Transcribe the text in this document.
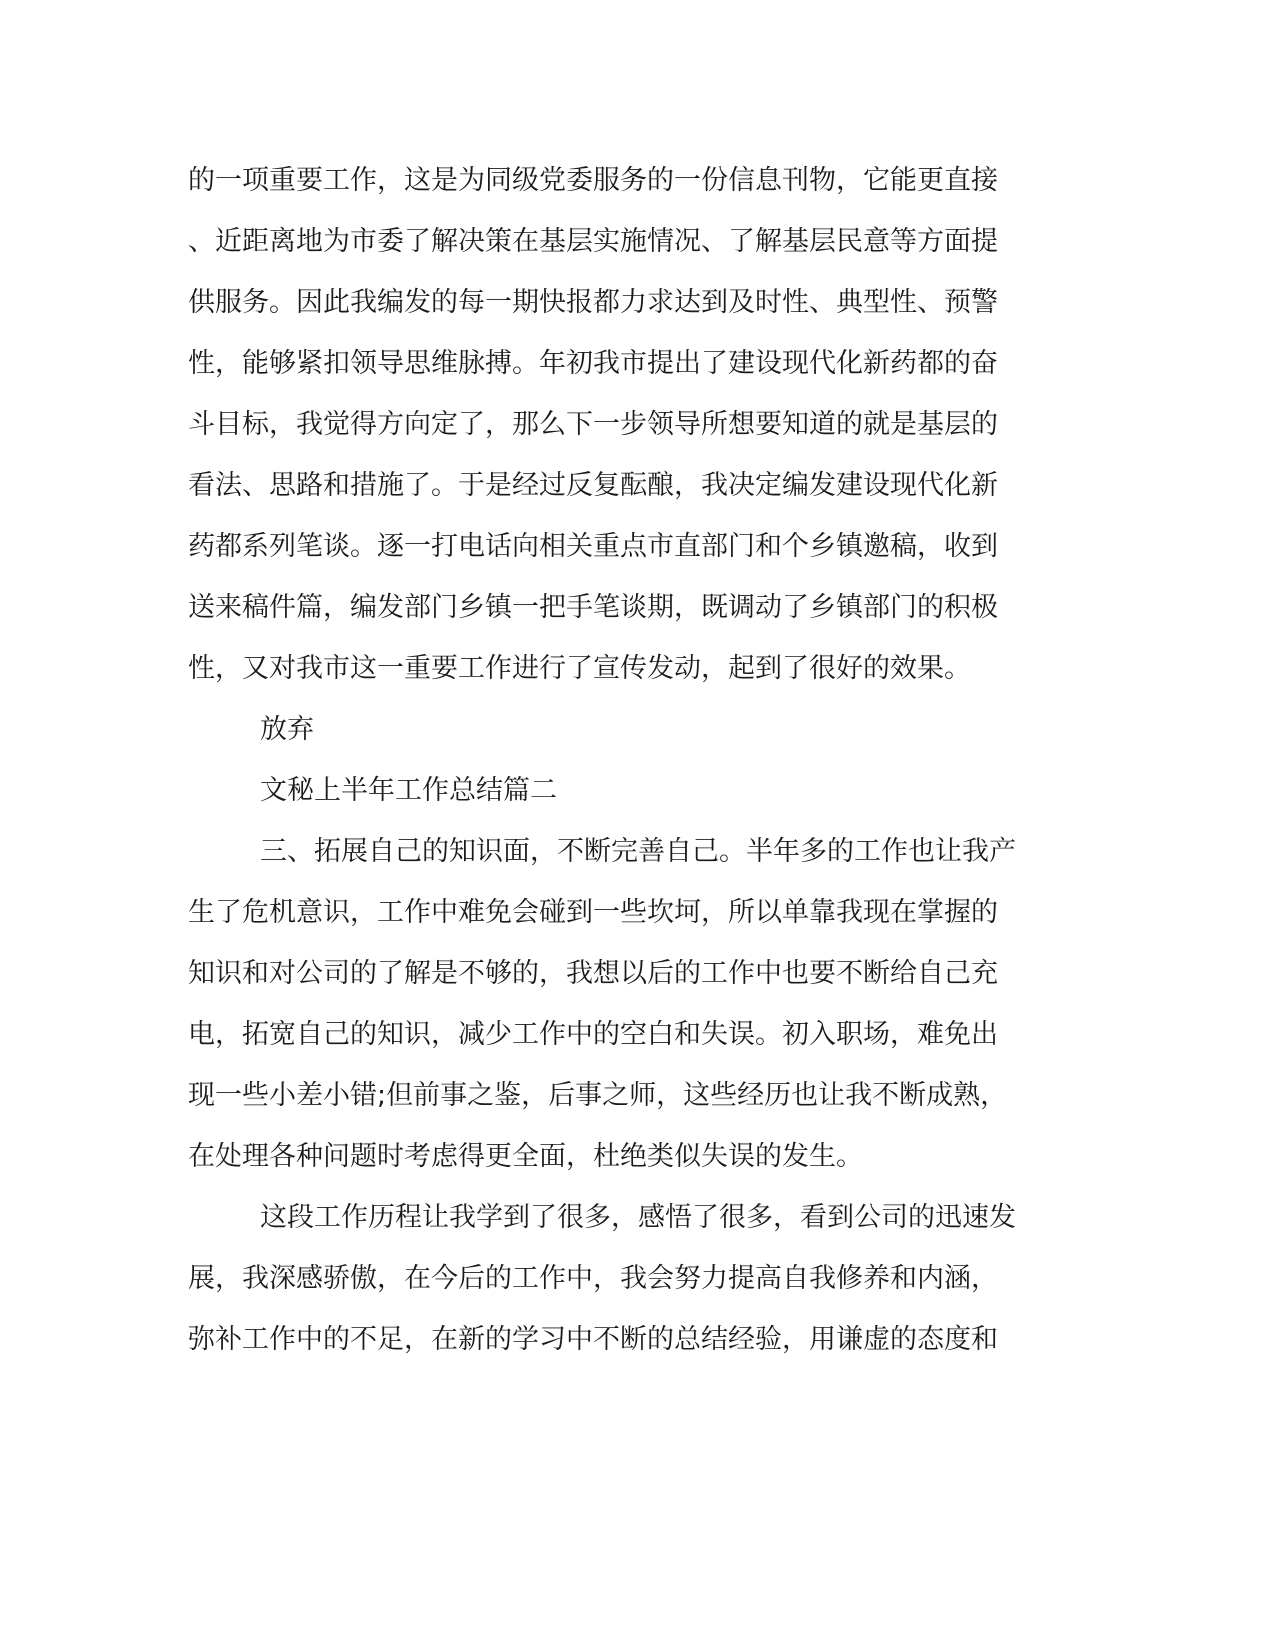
的一项重要工作，这是为同级党委服务的一份信息刊物，它能更直接
、近距离地为市委了解决策在基层实施情况、了解基层民意等方面提
供服务。因此我编发的每一期快报都力求达到及时性、典型性、预警
性，能够紧扣领导思维脉搏。年初我市提出了建设现代化新药都的奋
斗目标，我觉得方向定了，那么下一步领导所想要知道的就是基层的
看法、思路和措施了。于是经过反复酝酿，我决定编发建设现代化新
药都系列笔谈。逐一打电话向相关重点市直部门和个乡镇邀稿，收到
送来稿件篇，编发部门乡镇一把手笔谈期，既调动了乡镇部门的积极
性，又对我市这一重要工作进行了宣传发动，起到了很好的效果。
放弃
文秘上半年工作总结篇二
三、拓展自己的知识面，不断完善自己。半年多的工作也让我产
生了危机意识，工作中难免会碰到一些坎坷，所以单靠我现在掌握的
知识和对公司的了解是不够的，我想以后的工作中也要不断给自己充
电，拓宽自己的知识，减少工作中的空白和失误。初入职场，难免出
现一些小差小错;但前事之鉴，后事之师，这些经历也让我不断成熟，
在处理各种问题时考虑得更全面，杜绝类似失误的发生。
这段工作历程让我学到了很多，感悟了很多，看到公司的迅速发
展，我深感骄傲，在今后的工作中，我会努力提高自我修养和内涵，
弥补工作中的不足，在新的学习中不断的总结经验，用谦虚的态度和
